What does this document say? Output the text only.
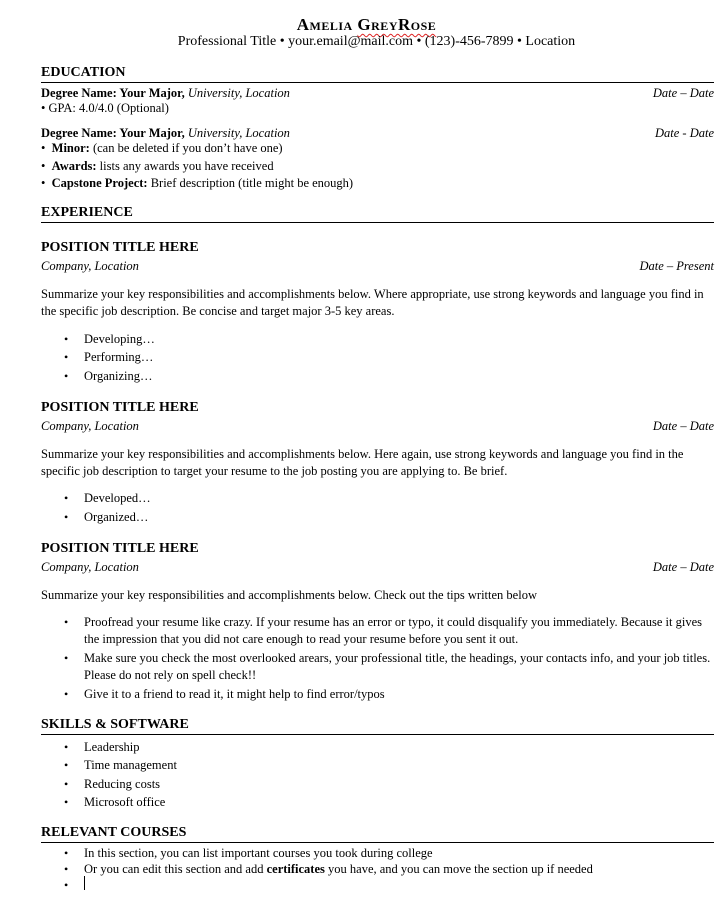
Amelia GreyRose
Professional Title • your.email@mail.com • (123)-456-7899 • Location
EDUCATION
Degree Name: Your Major, University, Location	Date – Date
• GPA: 4.0/4.0 (Optional)
Degree Name: Your Major, University, Location	Date - Date
•  Minor: (can be deleted if you don’t have one)
•  Awards: lists any awards you have received
•  Capstone Project: Brief description (title might be enough)
EXPERIENCE
POSITION TITLE HERE
Company, Location	Date – Present
Summarize your key responsibilities and accomplishments below. Where appropriate, use strong keywords and language you find in the specific job description. Be concise and target major 3-5 key areas.
• Developing…
• Performing…
• Organizing…
POSITION TITLE HERE
Company, Location	Date – Date
Summarize your key responsibilities and accomplishments below. Here again, use strong keywords and language you find in the specific job description to target your resume to the job posting you are applying to. Be brief.
• Developed…
• Organized…
POSITION TITLE HERE
Company, Location	Date – Date
Summarize your key responsibilities and accomplishments below. Check out the tips written below
• Proofread your resume like crazy. If your resume has an error or typo, it could disqualify you immediately. Because it gives the impression that you did not care enough to read your resume before you sent it out.
• Make sure you check the most overlooked arears, your professional title, the headings, your contacts info, and your job titles. Please do not rely on spell check!!
• Give it to a friend to read it, it might help to find error/typos
SKILLS & SOFTWARE
• Leadership
• Time management
• Reducing costs
• Microsoft office
RELEVANT COURSES
• In this section, you can list important courses you took during college
• Or you can edit this section and add certificates you have, and you can move the section up if needed
•
